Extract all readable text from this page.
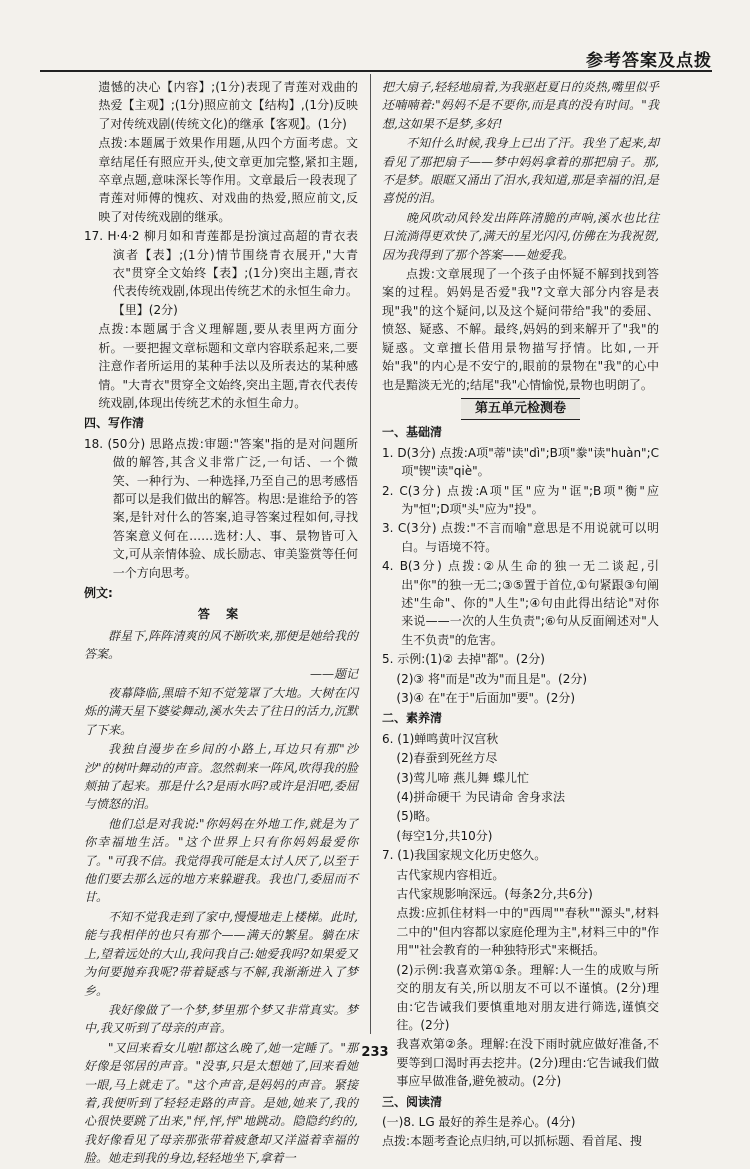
参考答案及点拨

遗憾的决心【内容】;(1分)表现了青莲对戏曲的热爱【主观】;(1分)照应前文【结构】,(1分)反映了对传统戏剧(传统文化)的继承【客观】。(1分)

点拨:本题属于效果作用题,从四个方面考虑。文章结尾任有照应开头,使文章更加完整,紧扣主题,卒章点题,意味深长等作用。文章最后一段表现了青莲对师傅的愧疚、对戏曲的热爱,照应前文,反映了对传统戏剧的继承。

17. H·4·2 柳月如和青莲都是扮演过高超的青衣表演者【表】;(1分)情节围绕青衣展开,"大青衣"贯穿全文始终【表】;(1分)突出主题,青衣代表传统戏剧,体现出传统艺术的永恒生命力。【里】(2分)

点拨:本题属于含义理解题,要从表里两方面分析。一要把握文章标题和文章内容联系起来,二要注意作者所运用的某种手法以及所表达的某种感情。"大青衣"贯穿全文始终,突出主题,青衣代表传统戏剧,体现出传统艺术的永恒生命力。

四、写作清

18. (50分) 思路点拨:审题:"答案"指的是对问题所做的解答,其含义非常广泛,一句话、一个微笑、一种行为、一种选择,乃至自己的思考感悟都可以是我们做出的解答。构思:是谁给予的答案,是针对什么的答案,追寻答案过程如何,寻找答案意义何在……选材:人、事、景物皆可入文,可从亲情体验、成长励志、审美鉴赏等任何一个方向思考。

例文:

答 案

群星下,阵阵清爽的风不断吹来,那便是她给我的答案。

——题记

夜幕降临,黑暗不知不觉笼罩了大地。大树在闪烁的满天星下婆娑舞动,溪水失去了往日的活力,沉默了下来。

我独自漫步在乡间的小路上,耳边只有那"沙沙"的树叶舞动的声音。忽然刺来一阵风,吹得我的脸颊抽了起来。那是什么?是雨水吗?或许是泪吧,委屈与愤怒的泪。

他们总是对我说:"你妈妈在外地工作,就是为了你幸福地生活。"这个世界上只有你妈妈最爱你了。"可我不信。我觉得我可能是太讨人厌了,以至于他们要去那么远的地方来躲避我。我也门,委屈而不甘。

不知不觉我走到了家中,慢慢地走上楼梯。此时,能与我相伴的也只有那个——满天的繁星。躺在床上,望着远处的大山,我问我自己:她爱我吗?如果爱又为何要抛弃我呢?带着疑惑与不解,我渐渐进入了梦乡。

我好像做了一个梦,梦里那个梦又非常真实。梦中,我又听到了母亲的声音。

"又回来看女儿啦!都这么晚了,她一定睡了。"那好像是邻居的声音。"没事,只是太想她了,回来看她一眼,马上就走了。"这个声音,是妈妈的声音。紧接着,我便听到了轻轻走路的声音。是她,她来了,我的心很快要跳了出来,"怦,怦,怦"地跳动。隐隐约约的,我好像看见了母亲那张带着疲惫却又洋溢着幸福的脸。她走到我的身边,轻轻地坐下,拿着一

把大扇子,轻轻地扇着,为我驱赶夏日的炎热,嘴里似乎还喃喃着:"妈妈不是不要你,而是真的没有时间。"我想,这如果不是梦,多好!

不知什么时候,我身上已出了汗。我坐了起来,却看见了那把扇子——梦中妈妈拿着的那把扇子。那,不是梦。眼眶又涌出了泪水,我知道,那是幸福的泪,是喜悦的泪。

晚风吹动风铃发出阵阵清脆的声响,溪水也比往日流淌得更欢快了,满天的星光闪闪,仿佛在为我祝贺,因为我得到了那个答案——她爱我。

点拨:文章展现了一个孩子由怀疑不解到找到答案的过程。妈妈是否爱"我"?文章大部分内容是表现"我"的这个疑问,以及这个疑问带给"我"的委屈、愤怒、疑惑、不解。最终,妈妈的到来解开了"我"的疑惑。文章擅长借用景物描写抒情。比如,一开始"我"的内心是不安宁的,眼前的景物在"我"的心中也是黯淡无光的;结尾"我"心情愉悦,景物也明朗了。

第五单元检测卷

一、基础清

1. D(3分) 点拨:A项"蒂"读"dì";B项"豢"读"huàn";C项"锲"读"qiè"。

2. C(3分) 点拨:A项"匡"应为"诓";B项"衡"应为"恒";D项"头"应为"投"。

3. C(3分) 点拨:"不言而喻"意思是不用说就可以明白。与语境不符。

4. B(3分) 点拨:②从生命的独一无二谈起,引出"你"的独一无二;③⑤置于首位,①句紧跟③句阐述"生命"、你的"人生";④句由此得出结论"对你来说——一次的人生负责";⑥句从反面阐述对"人生不负责"的危害。

5. 示例:(1)② 去掉"都"。(2分)

(2)③ 将"而是"改为"而且是"。(2分)

(3)④ 在"在于"后面加"要"。(2分)

二、素养清

6. (1)蝉鸣黄叶汉宫秋

(2)春蚕到死丝方尽

(3)莺儿啼 燕儿舞 蝶儿忙

(4)拼命硬干 为民请命 舍身求法

(5)略。

(每空1分,共10分)

7. (1)我国家规文化历史悠久。

古代家规内容相近。

古代家规影响深远。(每条2分,共6分)

点拨:应抓住材料一中的"西周""春秋""源头",材料二中的"但内容都以家庭伦理为主",材料三中的"作用""社会教育的一种独特形式"来概括。

(2)示例:我喜欢第①条。理解:人一生的成败与所交的朋友有关,所以朋友不可以不谨慎。(2分)理由:它告诫我们要慎重地对朋友进行筛选,谨慎交往。(2分)

我喜欢第②条。理解:在没下雨时就应做好准备,不要等到口渴时再去挖井。(2分)理由:它告诫我们做事应早做准备,避免被动。(2分)

三、阅读清

(一)8. LG 最好的养生是养心。(4分)

点拨:本题考查论点归纳,可以抓标题、看首尾、搜

233
